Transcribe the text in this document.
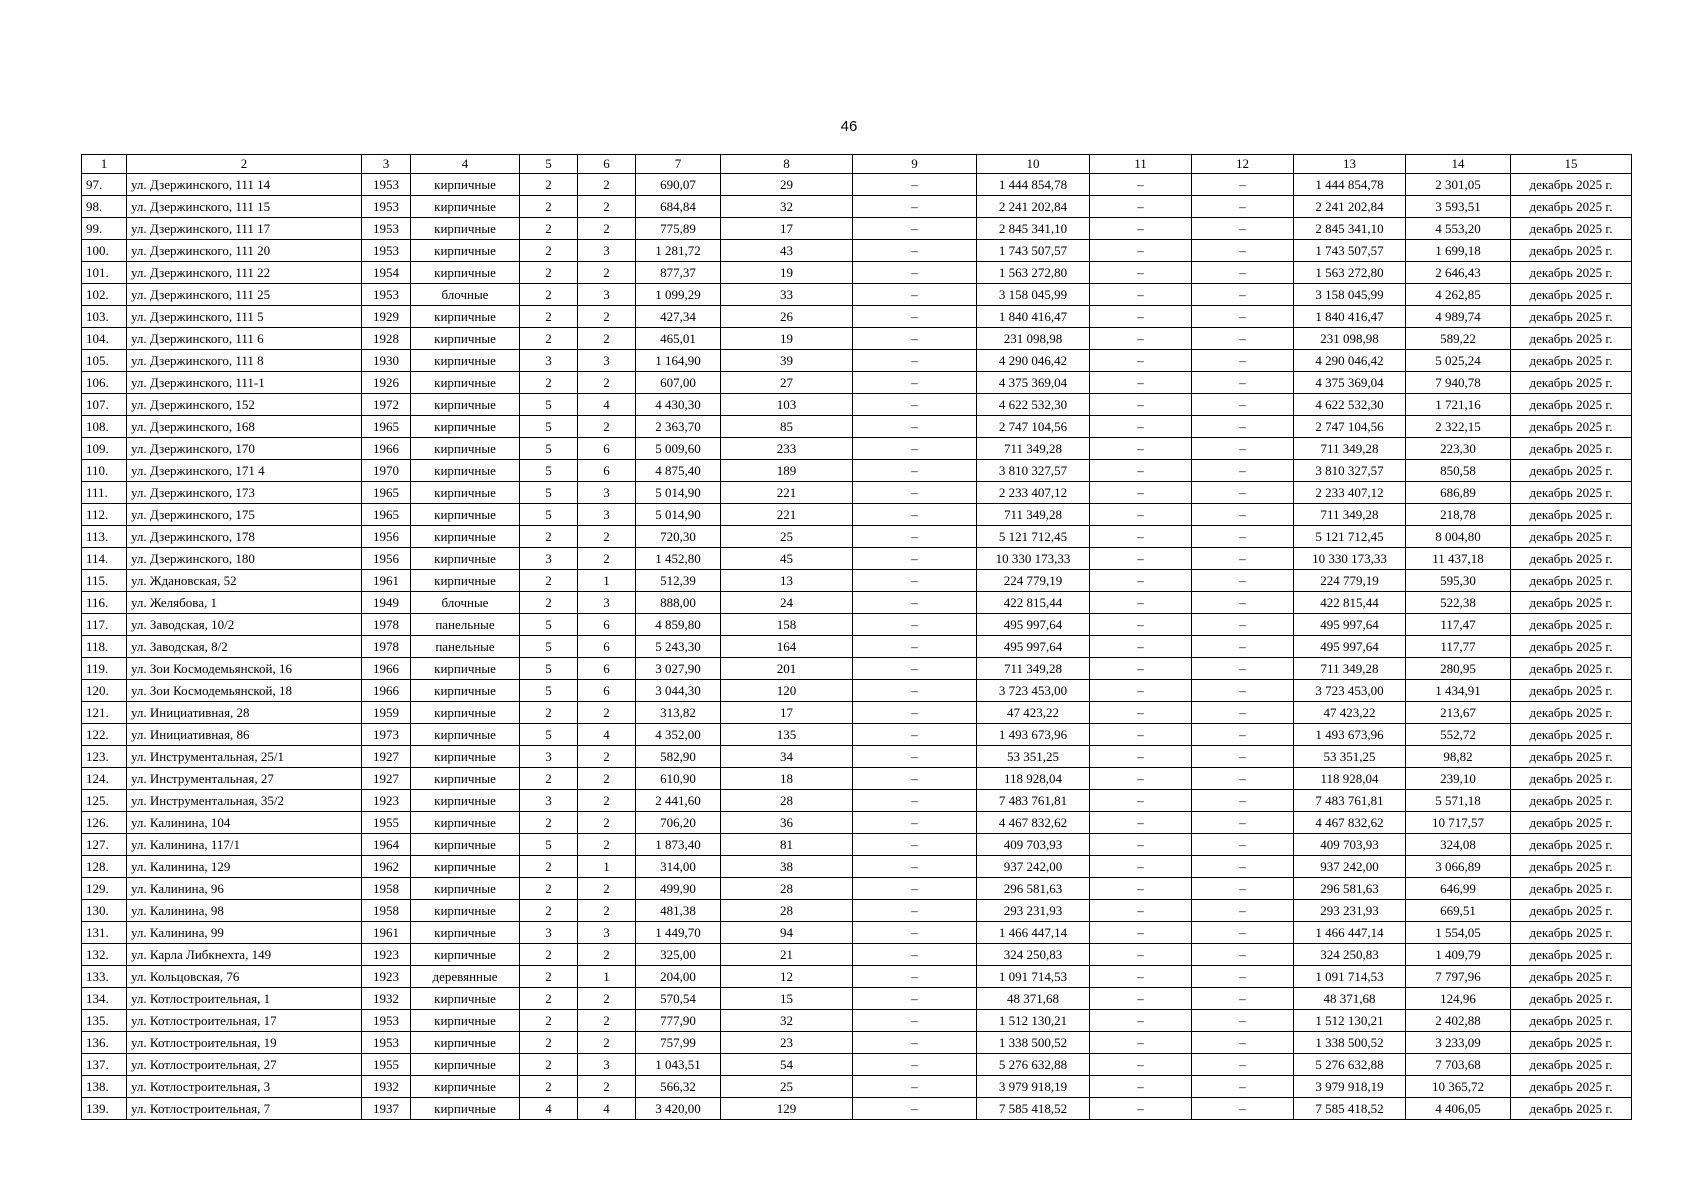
46
1	2	3	4	5	6	7	8	9	10	11	12	13	14	15
97.	ул. Дзержинского, 111 14	1953	кирпичные	2	2	690,07	29	–	1 444 854,78	–	–	1 444 854,78	2 301,05	декабрь 2025 г.
98.	ул. Дзержинского, 111 15	1953	кирпичные	2	2	684,84	32	–	2 241 202,84	–	–	2 241 202,84	3 593,51	декабрь 2025 г.
99.	ул. Дзержинского, 111 17	1953	кирпичные	2	2	775,89	17	–	2 845 341,10	–	–	2 845 341,10	4 553,20	декабрь 2025 г.
100.	ул. Дзержинского, 111 20	1953	кирпичные	2	3	1 281,72	43	–	1 743 507,57	–	–	1 743 507,57	1 699,18	декабрь 2025 г.
101.	ул. Дзержинского, 111 22	1954	кирпичные	2	2	877,37	19	–	1 563 272,80	–	–	1 563 272,80	2 646,43	декабрь 2025 г.
102.	ул. Дзержинского, 111 25	1953	блочные	2	3	1 099,29	33	–	3 158 045,99	–	–	3 158 045,99	4 262,85	декабрь 2025 г.
103.	ул. Дзержинского, 111 5	1929	кирпичные	2	2	427,34	26	–	1 840 416,47	–	–	1 840 416,47	4 989,74	декабрь 2025 г.
104.	ул. Дзержинского, 111 6	1928	кирпичные	2	2	465,01	19	–	231 098,98	–	–	231 098,98	589,22	декабрь 2025 г.
105.	ул. Дзержинского, 111 8	1930	кирпичные	3	3	1 164,90	39	–	4 290 046,42	–	–	4 290 046,42	5 025,24	декабрь 2025 г.
106.	ул. Дзержинского, 111-1	1926	кирпичные	2	2	607,00	27	–	4 375 369,04	–	–	4 375 369,04	7 940,78	декабрь 2025 г.
107.	ул. Дзержинского, 152	1972	кирпичные	5	4	4 430,30	103	–	4 622 532,30	–	–	4 622 532,30	1 721,16	декабрь 2025 г.
108.	ул. Дзержинского, 168	1965	кирпичные	5	2	2 363,70	85	–	2 747 104,56	–	–	2 747 104,56	2 322,15	декабрь 2025 г.
109.	ул. Дзержинского, 170	1966	кирпичные	5	6	5 009,60	233	–	711 349,28	–	–	711 349,28	223,30	декабрь 2025 г.
110.	ул. Дзержинского, 171 4	1970	кирпичные	5	6	4 875,40	189	–	3 810 327,57	–	–	3 810 327,57	850,58	декабрь 2025 г.
111.	ул. Дзержинского, 173	1965	кирпичные	5	3	5 014,90	221	–	2 233 407,12	–	–	2 233 407,12	686,89	декабрь 2025 г.
112.	ул. Дзержинского, 175	1965	кирпичные	5	3	5 014,90	221	–	711 349,28	–	–	711 349,28	218,78	декабрь 2025 г.
113.	ул. Дзержинского, 178	1956	кирпичные	2	2	720,30	25	–	5 121 712,45	–	–	5 121 712,45	8 004,80	декабрь 2025 г.
114.	ул. Дзержинского, 180	1956	кирпичные	3	2	1 452,80	45	–	10 330 173,33	–	–	10 330 173,33	11 437,18	декабрь 2025 г.
115.	ул. Ждановская, 52	1961	кирпичные	2	1	512,39	13	–	224 779,19	–	–	224 779,19	595,30	декабрь 2025 г.
116.	ул. Желябова, 1	1949	блочные	2	3	888,00	24	–	422 815,44	–	–	422 815,44	522,38	декабрь 2025 г.
117.	ул. Заводская, 10/2	1978	панельные	5	6	4 859,80	158	–	495 997,64	–	–	495 997,64	117,47	декабрь 2025 г.
118.	ул. Заводская, 8/2	1978	панельные	5	6	5 243,30	164	–	495 997,64	–	–	495 997,64	117,77	декабрь 2025 г.
119.	ул. Зои Космодемьянской, 16	1966	кирпичные	5	6	3 027,90	201	–	711 349,28	–	–	711 349,28	280,95	декабрь 2025 г.
120.	ул. Зои Космодемьянской, 18	1966	кирпичные	5	6	3 044,30	120	–	3 723 453,00	–	–	3 723 453,00	1 434,91	декабрь 2025 г.
121.	ул. Инициативная, 28	1959	кирпичные	2	2	313,82	17	–	47 423,22	–	–	47 423,22	213,67	декабрь 2025 г.
122.	ул. Инициативная, 86	1973	кирпичные	5	4	4 352,00	135	–	1 493 673,96	–	–	1 493 673,96	552,72	декабрь 2025 г.
123.	ул. Инструментальная, 25/1	1927	кирпичные	3	2	582,90	34	–	53 351,25	–	–	53 351,25	98,82	декабрь 2025 г.
124.	ул. Инструментальная, 27	1927	кирпичные	2	2	610,90	18	–	118 928,04	–	–	118 928,04	239,10	декабрь 2025 г.
125.	ул. Инструментальная, 35/2	1923	кирпичные	3	2	2 441,60	28	–	7 483 761,81	–	–	7 483 761,81	5 571,18	декабрь 2025 г.
126.	ул. Калинина, 104	1955	кирпичные	2	2	706,20	36	–	4 467 832,62	–	–	4 467 832,62	10 717,57	декабрь 2025 г.
127.	ул. Калинина, 117/1	1964	кирпичные	5	2	1 873,40	81	–	409 703,93	–	–	409 703,93	324,08	декабрь 2025 г.
128.	ул. Калинина, 129	1962	кирпичные	2	1	314,00	38	–	937 242,00	–	–	937 242,00	3 066,89	декабрь 2025 г.
129.	ул. Калинина, 96	1958	кирпичные	2	2	499,90	28	–	296 581,63	–	–	296 581,63	646,99	декабрь 2025 г.
130.	ул. Калинина, 98	1958	кирпичные	2	2	481,38	28	–	293 231,93	–	–	293 231,93	669,51	декабрь 2025 г.
131.	ул. Калинина, 99	1961	кирпичные	3	3	1 449,70	94	–	1 466 447,14	–	–	1 466 447,14	1 554,05	декабрь 2025 г.
132.	ул. Карла Либкнехта, 149	1923	кирпичные	2	2	325,00	21	–	324 250,83	–	–	324 250,83	1 409,79	декабрь 2025 г.
133.	ул. Кольцовская, 76	1923	деревянные	2	1	204,00	12	–	1 091 714,53	–	–	1 091 714,53	7 797,96	декабрь 2025 г.
134.	ул. Котлостроительная, 1	1932	кирпичные	2	2	570,54	15	–	48 371,68	–	–	48 371,68	124,96	декабрь 2025 г.
135.	ул. Котлостроительная, 17	1953	кирпичные	2	2	777,90	32	–	1 512 130,21	–	–	1 512 130,21	2 402,88	декабрь 2025 г.
136.	ул. Котлостроительная, 19	1953	кирпичные	2	2	757,99	23	–	1 338 500,52	–	–	1 338 500,52	3 233,09	декабрь 2025 г.
137.	ул. Котлостроительная, 27	1955	кирпичные	2	3	1 043,51	54	–	5 276 632,88	–	–	5 276 632,88	7 703,68	декабрь 2025 г.
138.	ул. Котлостроительная, 3	1932	кирпичные	2	2	566,32	25	–	3 979 918,19	–	–	3 979 918,19	10 365,72	декабрь 2025 г.
139.	ул. Котлостроительная, 7	1937	кирпичные	4	4	3 420,00	129	–	7 585 418,52	–	–	7 585 418,52	4 406,05	декабрь 2025 г.
